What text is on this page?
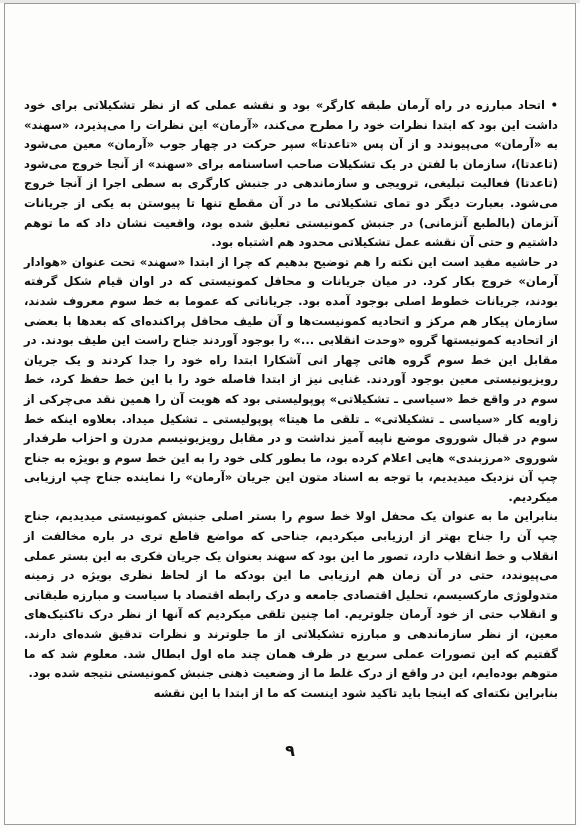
• اتحاد مبارزه در راه آرمان طبقه کارگر» بود و نقشه عملی که از نظر تشکیلاتی برای خود داشت این بود که ابتدا نظرات خود را مطرح می‌کند، «آرمان» این نظرات را می‌پذیرد، «سهند» به «آرمان» می‌پیوندد و از آن پس «تاعدتا» سپر حرکت در چهار جوب «آرمان» معین می‌شود (تاعدتا)، سازمان با لفتن در یک تشکیلات صاحب اساسنامه برای «سهند» از آنجا خروج می‌شود (تاعدتا) فعالیت تبلیغی، ترویجی و سازماندهی در جنبش کارگری به سطی اجرا از آنجا خروج می‌شود. بعبارت دیگر دو تمای تشکیلاتی ما در آن مقطع تنها تا پیوستن به یکی از جریانات آنزمان (بالطبع آنزمانی) در جنبش کمونیستی تعلیق شده بود، واقعیت نشان داد که ما توهم داشتیم و حتی آن نقشه عمل تشکیلاتی محدود هم اشتباه بود.

در حاشیه مفید است این نکته را هم توضیح بدهیم که چرا از ابتدا «سهند» تحت عنوان «هوادار آرمان» خروج بکار کرد. در میان جریانات و محافل کمونیستی که در اوان قیام شکل گرفته بودند، جریانات خطوط اصلی بوجود آمده بود. جریاناتی که عموما به خط سوم معروف شدند، سازمان پیکار هم مرکز و اتحادیه کمونیست‌ها و آن طیف محافل پراکنده‌ای که بعدها با بعضی از اتحادیه کمونیستها گروه «وحدت انقلابی ...» را بوجود آوردند جناح راست این طیف بودند. در مقابل این خط سوم گروه هائی چهار انی آشکارا ابتدا راه خود را جدا کردند و یک جریان رویزیونیستی معین بوجود آوردند. غنایی نیز از ابتدا فاصله خود را با این خط حفظ کرد، خط سوم در واقع خط «سیاسی ـ تشکیلاتی» پوپولیستی بود که هویت آن را همین نقد می‌چرکی از زاویه کار «سیاسی ـ تشکیلاتی» ـ تلقی ما هیتا» پوپولیستی ـ تشکیل میداد. بعلاوه اینکه خط سوم در قبال شوروی موضع ناپیه آمیز نداشت و در مقابل رویزیونیسم مدرن و احزاب طرفدار شوروی «مرزبندی» هایی اعلام کرده بود، ما بطور کلی خود را به این خط سوم و بویژه به جناح چپ آن نزدیک میدیدیم، با توجه به اسناد متون این جریان «آرمان» را نماینده جناح چپ ارزیابی میکردیم.

بنابراین ما به عنوان یک محفل اولا خط سوم را بستر اصلی جنبش کمونیستی میدیدیم، جناح چپ آن را جناح بهتر از ارزیابی میکردیم، جناحی که مواضع قاطع تری در باره مخالفت از انقلاب و خط انقلاب دارد، تصور ما این بود که سهند بعنوان یک جریان فکری به این بستر عملی می‌پیوندد، حتی در آن زمان هم ارزیابی ما این بودکه ما از لحاظ نظری بویژه در زمینه متدولوژی مارکسیسم، تحلیل اقتصادی جامعه و درک رابطه اقتصاد با سیاست و مبارزه طبقاتی و انقلاب حتی از خود آرمان جلوتریم. اما چنین تلقی میکردیم که آنها از نظر درک تاکتیک‌های معین، از نظر سازماندهی و مبارزه تشکیلاتی از ما جلوترند و نظرات تدقیق شده‌ای دارند. گفتیم که این تصورات عملی سریع در ظرف همان چند ماه اول ابطال شد. معلوم شد که ما متوهم بوده‌ایم، این در واقع از درک غلط ما از وضعیت ذهنی جنبش کمونیستی نتیجه شده بود.

بنابراین نکته‌ای که اینجا باید تاکید شود اینست که ما از ابتدا با این نقشه

۹
